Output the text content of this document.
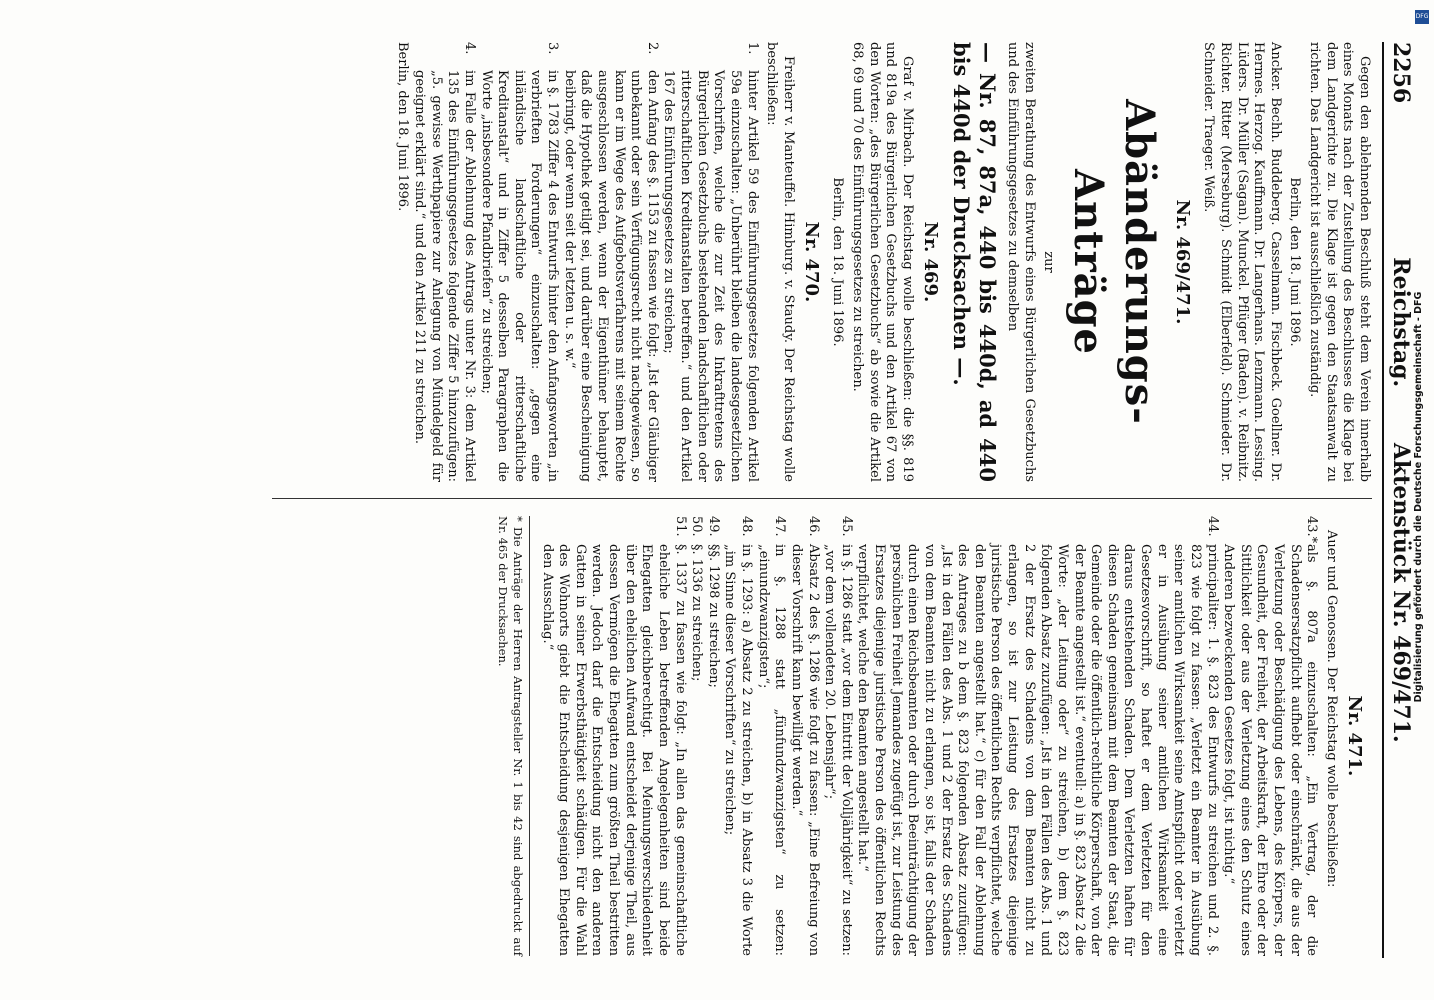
2256
Reichstag. Aktenstück Nr. 469/471.

Gegen den ablehnenden Beschluß steht dem Verein innerhalb eines Monats nach der Zustellung des Beschlusses die Klage bei dem Landgerichte zu. Die Klage ist gegen den Staatsanwalt zu richten. Das Landgericht ist ausschließlich zuständig.

Berlin, den 18. Juni 1896.

Ancker. Bechh. Buddeberg. Casselmann. Fischbeck. Goellner. Dr. Hermes. Herzog. Kauffmann. Dr. Langerhans. Lenzmann. Lessing. Lüders. Dr. Müller (Sagan). Munckel. Pflüger (Baden). v. Reibnitz. Richter. Ritter (Merseburg). Schmidt (Elberfeld). Schmieder. Dr. Schneider. Traeger. Weiß.

Nr. 469/471.
Abänderungs-Anträge

zur

zweiten Berathung des Entwurfs eines Bürgerlichen Gesetzbuchs und des Einführungsgesetzes zu demselben

— Nr. 87, 87a, 440 bis 440d, ad 440 bis 440d der Drucksachen —.

Nr. 469.

Graf v. Mirbach. Der Reichstag wolle beschließen: die §§. 819 und 819a des Bürgerlichen Gesetzbuchs und den Artikel 67 von den Worten: „des Bürgerlichen Gesetzbuchs“ ab sowie die Artikel 68, 69 und 70 des Einführungsgesetzes zu streichen.

Berlin, den 18. Juni 1896.

Nr. 470.

Freiherr v. Manteuffel. Himburg. v. Staudy. Der Reichstag wolle beschließen:

1.
hinter Artikel 59 des Einführungsgesetzes folgenden Artikel 59a einzuschalten: „Unberührt bleiben die landesgesetzlichen Vorschriften, welche die zur Zeit des Inkrafttretens des Bürgerlichen Gesetzbuchs bestehenden landschaftlichen oder ritterschaftlichen Kreditanstalten betreffen.“ und den Artikel 167 des Einführungsgesetzes zu streichen;
2.
den Anfang des §. 1153 zu fassen wie folgt: „Ist der Gläubiger unbekannt oder sein Verfügungsrecht nicht nachgewiesen, so kann er im Wege des Aufgebotsverfahrens mit seinem Rechte ausgeschlossen werden, wenn der Eigenthümer behauptet, daß die Hypothek getilgt sei, und darüber eine Bescheinigung beibringt, oder wenn seit der letzten u. s. w.“
3.
in §. 1783 Ziffer 4 des Entwurfs hinter den Anfangsworten „in verbrieften Forderungen“ einzuschalten: „gegen eine inländische landschaftliche oder ritterschaftliche Kreditanstalt“ und in Ziffer 5 desselben Paragraphen die Worte „insbesondere Pfandbriefen“ zu streichen;
4.
im Falle der Ablehnung des Antrags unter Nr. 3: dem Artikel 135 des Einführungsgesetzes folgende Ziffer 5 hinzuzufügen: „5. gewisse Werthpapiere zur Anlegung von Mündelgeld für geeignet erklärt sind.“ und den Artikel 211 zu streichen.

Berlin, den 18. Juni 1896.

Nr. 471.

Auer und Genossen. Der Reichstag wolle beschließen:

43.*
als §. 807a einzuschalten: „Ein Vertrag, der die Schadensersatzpflicht aufhebt oder einschränkt, die aus der Verletzung oder Beschädigung des Lebens, des Körpers, der Gesundheit, der Freiheit, der Arbeitskraft, der Ehre oder der Sittlichkeit oder aus der Verletzung eines den Schutz eines Anderen bezweckenden Gesetzes folgt, ist nichtig.“
44.
principaliter: 1. §. 823 des Entwurfs zu streichen und 2. §. 823 wie folgt zu fassen: „Verletzt ein Beamter in Ausübung seiner amtlichen Wirksamkeit seine Amtspflicht oder verletzt er in Ausübung seiner amtlichen Wirksamkeit eine Gesetzesvorschrift, so haftet er dem Verletzten für den daraus entstehenden Schaden. Dem Verletzten haften für diesen Schaden gemeinsam mit dem Beamten der Staat, die Gemeinde oder die öffentlich-rechtliche Körperschaft, von der der Beamte angestellt ist.“ eventuell: a) in §. 823 Absatz 2 die Worte: „der Leitung oder“ zu streichen, b) dem §. 823 folgenden Absatz zuzufügen: „Ist in den Fällen des Abs. 1 und 2 der Ersatz des Schadens von dem Beamten nicht zu erlangen, so ist zur Leistung des Ersatzes diejenige juristische Person des öffentlichen Rechts verpflichtet, welche den Beamten angestellt hat.“ c) für den Fall der Ablehnung des Antrages zu b dem §. 823 folgenden Absatz zuzufügen: „Ist in den Fällen des Abs. 1 und 2 der Ersatz des Schadens von dem Beamten nicht zu erlangen, so ist, falls der Schaden durch einen Reichsbeamten oder durch Beeinträchtigung der persönlichen Freiheit Jemandes zugefügt ist, zur Leistung des Ersatzes diejenige juristische Person des öffentlichen Rechts verpflichtet, welche den Beamten angestellt hat.“
45.
in §. 1286 statt „vor dem Eintritt der Volljährigkeit“ zu setzen: „vor dem vollendeten 20. Lebensjahr“;
46.
Absatz 2 des §. 1286 wie folgt zu fassen: „Eine Befreiung von dieser Vorschrift kann bewilligt werden.“
47.
in §. 1288 statt „fünfundzwanzigsten“ zu setzen: „einundzwanzigsten“;
48.
in §. 1293: a) Absatz 2 zu streichen, b) in Absatz 3 die Worte „im Sinne dieser Vorschriften“ zu streichen;
49.
§§. 1298 zu streichen;
50.
§. 1336 zu streichen;
51.
§. 1337 zu fassen wie folgt: „In allen das gemeinschaftliche eheliche Leben betreffenden Angelegenheiten sind beide Ehegatten gleichberechtigt. Bei Meinungsverschiedenheit über den ehelichen Aufwand entscheidet derjenige Theil, aus dessen Vermögen die Ehegatten zum größten Theil bestritten werden. Jedoch darf die Entscheidung nicht den anderen Gatten in seiner Erwerbsthätigkeit schädigen. Für die Wahl des Wohnorts giebt die Entscheidung desjenigen Ehegatten den Ausschlag.“
* Die Anträge der Herren Antragsteller Nr. 1 bis 42 sind abgedruckt auf Nr. 465 der Drucksachen.	Digitalisierung gefördert durch die Deutsche Forschungsgemeinschaft - DFG
DFG
